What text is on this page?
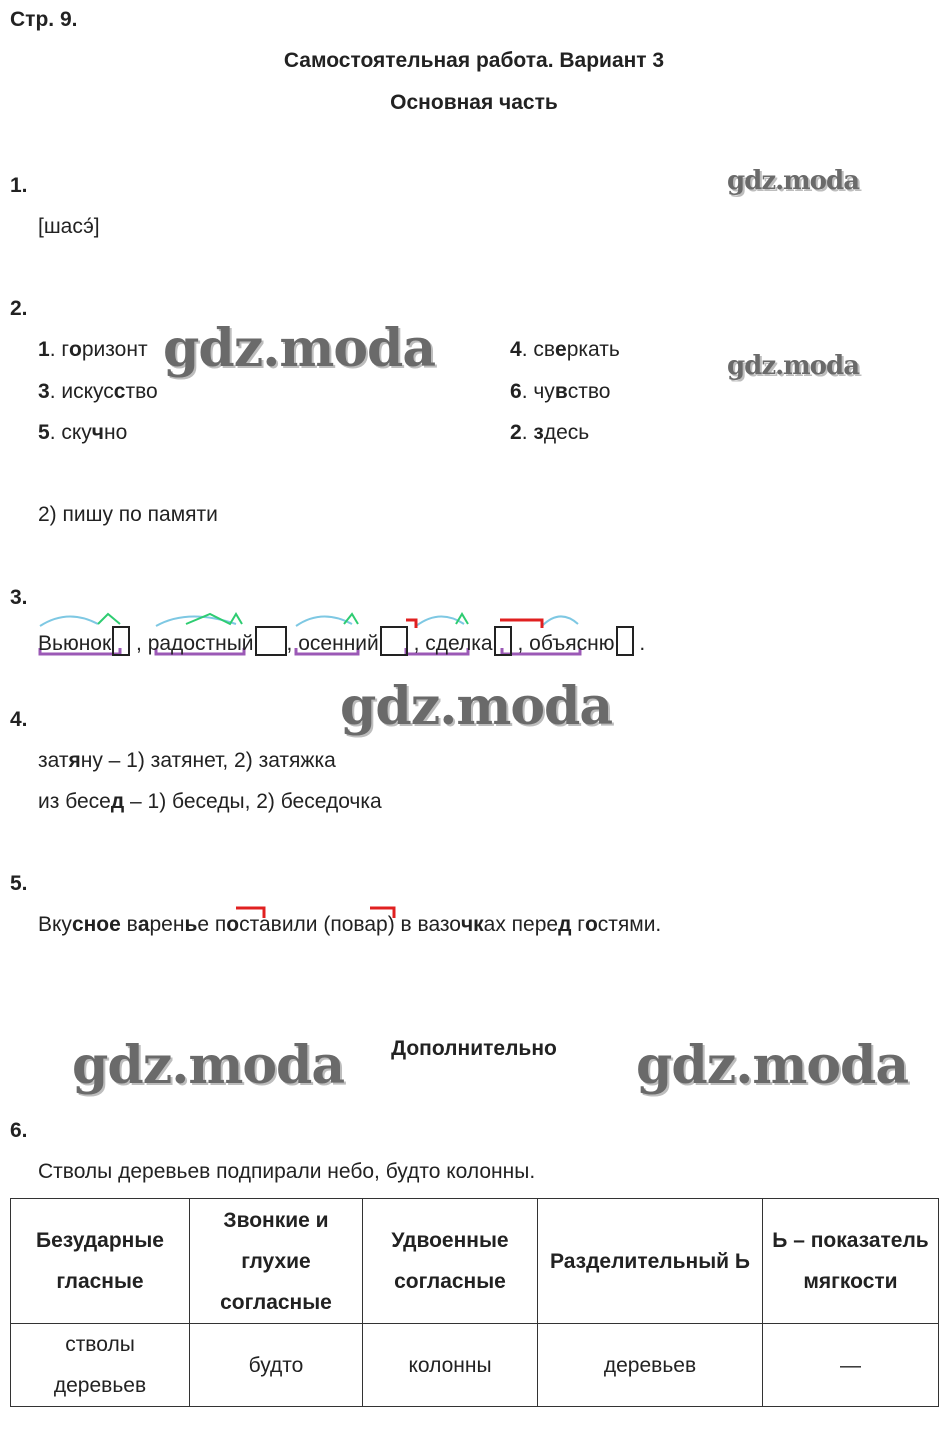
Стр. 9.
Самостоятельная работа. Вариант 3
Основная часть
gdz.moda
gdz.moda	gdz.moda
gdz.moda
gdz.moda	gdz.moda
1.
[шасэ́]
2.
1. горизонт
3. искусство
5. скучно
4. сверкать
6. чувство
2. здесь
2) пишу по памяти
3.
Вьюнок , радостный , осенний , сделка , объясню .
4.
затяну – 1) затянет, 2) затяжка
из бесед – 1) беседы, 2) беседочка
5.
Вкусное варенье поставили (повар) в вазочках перед гостями.
Дополнительно
6.
Стволы деревьев подпирали небо, будто колонны.
Безударные гласные	Звонкие и глухие согласные	Удвоенные согласные	Разделительный Ь	Ь – показатель мягкости
стволы деревьев	будто	колонны	деревьев	—
